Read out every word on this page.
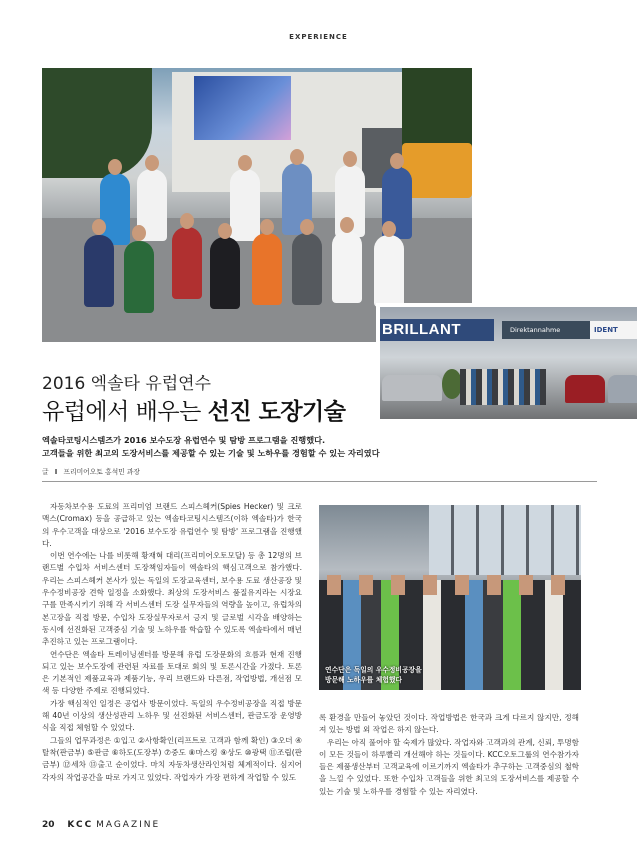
EXPERIENCE
BRILLANT	Direktannahme	IDENT
2016 엑솔타 유럽연수
유럽에서 배우는 선진 도장기술
엑솔타코팅시스템즈가 2016 보수도장 유럽연수 및 탐방 프로그램을 진행했다.
고객들을 위한 최고의 도장서비스를 제공할 수 있는 기술 및 노하우를 경험할 수 있는 자리였다
글 I 프리미어오토 홍석민 과장

자동차보수용 도료의 프리미엄 브랜드 스피스헤커(Spies Hecker) 및 크로맥스(Cromax) 등을 공급하고 있는 엑솔타코팅시스템즈(이하 엑솔타)가 한국의 우수고객을 대상으로 '2016 보수도장 유럽연수 및 탐방' 프로그램을 진행했다.

이번 연수에는 나를 비롯해 황재혁 대리(프리미어오토모달) 등 총 12명의 브랜드별 수입차 서비스센터 도장책임자들이 엑솔타의 핵심고객으로 참가했다. 우리는 스피스헤커 본사가 있는 독일의 도장교육센터, 보수용 도료 생산공장 및 우수정비공장 견학 일정을 소화했다. 최상의 도장서비스 품질유지라는 시장요구를 만족시키기 위해 각 서비스센터 도장 실무자들의 역량을 높이고, 유럽차의 본고장을 직접 방문, 수입차 도장실무자로서 긍지 및 글로벌 시각을 배양하는 동시에 선진화된 고객중심 기술 및 노하우를 학습할 수 있도록 엑솔타에서 매년 추진하고 있는 프로그램이다.

연수단은 엑솔타 트레이닝센터를 방문해 유럽 도장문화의 흐름과 현재 진행되고 있는 보수도장에 관련된 자료를 토대로 회의 및 토론시간을 가졌다. 토론은 기본적인 제품교육과 제품기능, 우리 브랜드와 다른점, 작업방법, 개선점 모색 등 다양한 주제로 진행되었다.

가장 핵심적인 일정은 공업사 방문이었다. 독일의 우수정비공장을 직접 방문해 40년 이상의 생산성관리 노하우 및 선진화된 서비스센터, 판금도장 운영방식을 직접 체험할 수 있었다.

그들의 업무과정은 ①입고 ②사항확인(리프트로 고객과 함께 확인) ③오더 ④탈착(판금부) ⑤판금 ⑥하도(도장부) ⑦중도 ⑧마스킹 ⑨상도 ⑩광택 ⑪조립(판금부) ⑫세차 ⑬출고 순이었다. 마치 자동차생산라인처럼 체계적이다. 심지어 각자의 작업공간을 따로 가지고 있었다. 작업자가 가장 편하게 작업할 수 있도

연수단은 독일의 우수정비공장을
방문해 노하우를 체험했다

록 환경을 만들어 놓았던 것이다. 작업방법은 한국과 크게 다르지 않지만, 정해져 있는 방법 외 작업은 하지 않는다.

우리는 아직 풀어야 할 숙제가 많았다. 작업자와 고객과의 관계, 신뢰, 투명함 이 모든 것들이 하루빨리 개선해야 하는 것들이다. KCC오토그룹의 연수참가자들은 제품생산부터 고객교육에 이르기까지 엑솔타가 추구하는 고객중심의 철학을 느낄 수 있었다. 또한 수입차 고객들을 위한 최고의 도장서비스를 제공할 수 있는 기술 및 노하우를 경험할 수 있는 자리였다.

20 KCC MAGAZINE
